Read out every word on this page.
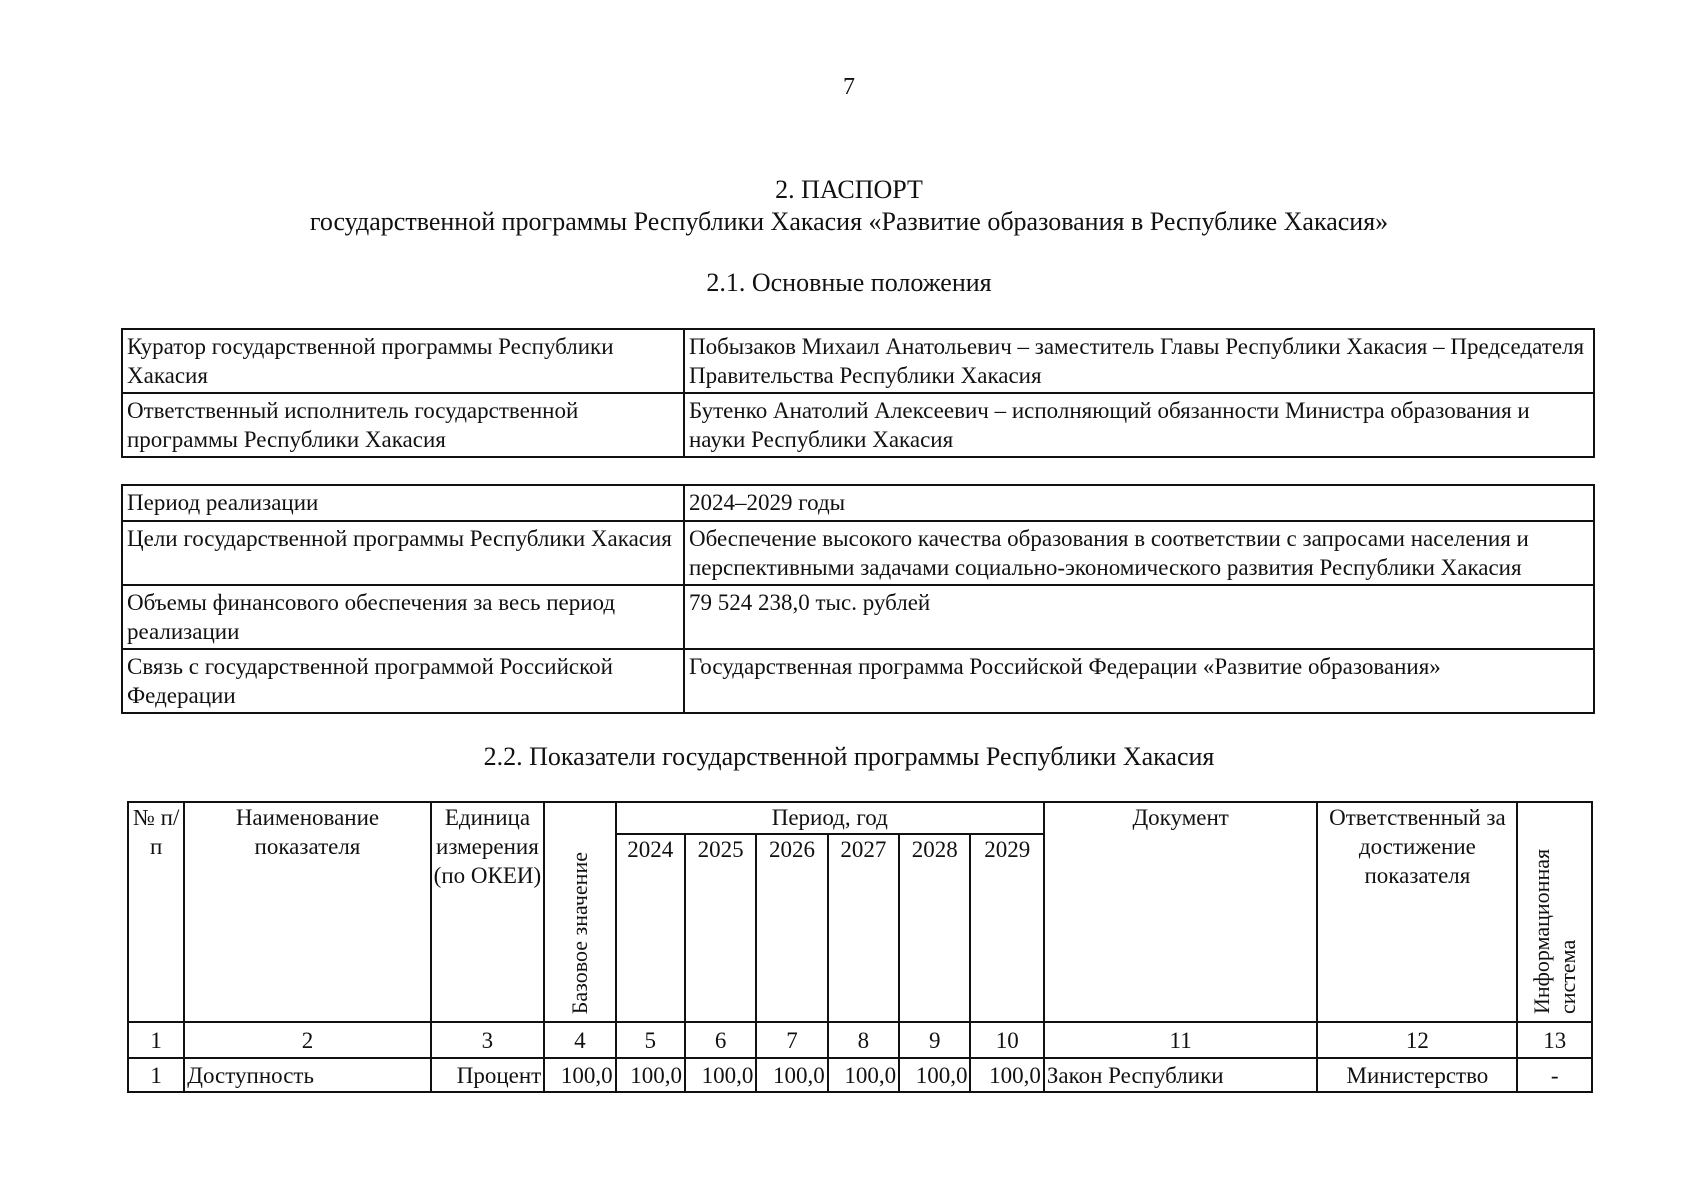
7
2. ПАСПОРТ
государственной программы Республики Хакасия «Развитие образования в Республике Хакасия»
2.1. Основные положения
Куратор государственной программы Республики Хакасия	Побызаков Михаил Анатольевич – заместитель Главы Республики Хакасия – Председателя Правительства Республики Хакасия
Ответственный исполнитель государственной программы Республики Хакасия	Бутенко Анатолий Алексеевич – исполняющий обязанности Министра образования и науки Республики Хакасия
Период реализации	2024–2029 годы
Цели государственной программы Республики Хакасия	Обеспечение высокого качества образования в соответствии с запросами населения и перспективными задачами социально-экономического развития Республики Хакасия
Объемы финансового обеспечения за весь период реализации	79 524 238,0 тыс. рублей
Связь с государственной программой Российской Федерации	Государственная программа Российской Федерации «Развитие образования»
2.2. Показатели государственной программы Республики Хакасия
№ п/п	Наименование показателя	Единица измерения (по ОКЕИ)	Базовое значение	Период, год						Документ	Ответственный за достижение показателя	Информационная система
				2024	2025	2026	2027	2028	2029			
1	2	3	4	5	6	7	8	9	10	11	12	13
1	Доступность	Процент	100,0	100,0	100,0	100,0	100,0	100,0	100,0	Закон Республики	Министерство	-
